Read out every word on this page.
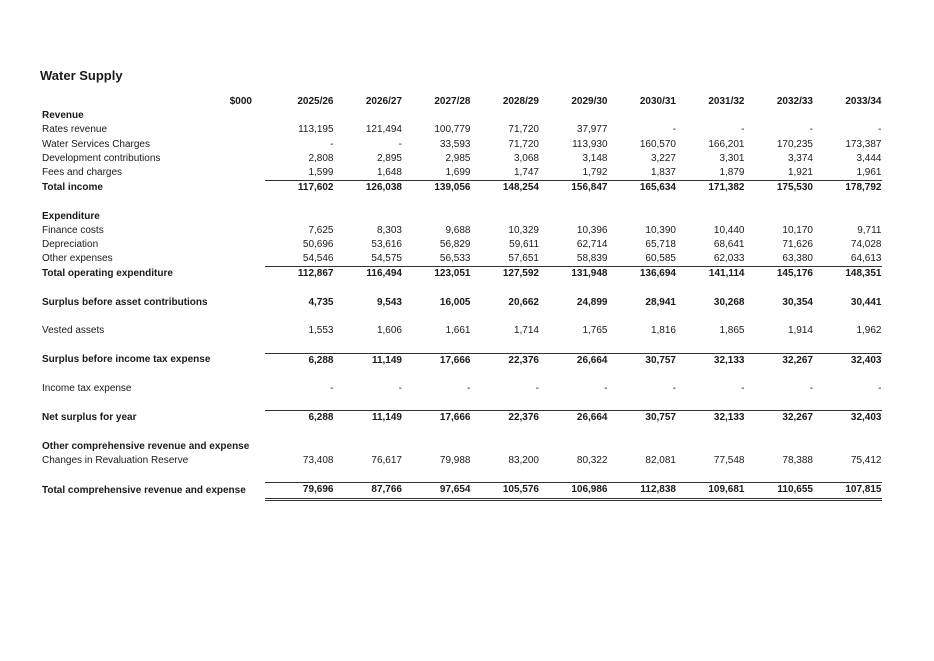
Water Supply
$000		2025/26	2026/27	2027/28	2028/29	2029/30	2030/31	2031/32	2032/33	2033/34
Revenue										
Rates revenue		113,195	121,494	100,779	71,720	37,977	-	-	-	-
Water Services Charges		-	-	33,593	71,720	113,930	160,570	166,201	170,235	173,387
Development contributions		2,808	2,895	2,985	3,068	3,148	3,227	3,301	3,374	3,444
Fees and charges		1,599	1,648	1,699	1,747	1,792	1,837	1,879	1,921	1,961
Total income		117,602	126,038	139,056	148,254	156,847	165,634	171,382	175,530	178,792

Expenditure										
Finance costs		7,625	8,303	9,688	10,329	10,396	10,390	10,440	10,170	9,711
Depreciation		50,696	53,616	56,829	59,611	62,714	65,718	68,641	71,626	74,028
Other expenses		54,546	54,575	56,533	57,651	58,839	60,585	62,033	63,380	64,613
Total operating expenditure		112,867	116,494	123,051	127,592	131,948	136,694	141,114	145,176	148,351

Surplus before asset contributions		4,735	9,543	16,005	20,662	24,899	28,941	30,268	30,354	30,441

Vested assets		1,553	1,606	1,661	1,714	1,765	1,816	1,865	1,914	1,962

Surplus before income tax expense		6,288	11,149	17,666	22,376	26,664	30,757	32,133	32,267	32,403

Income tax expense		-	-	-	-	-	-	-	-	-

Net surplus for year		6,288	11,149	17,666	22,376	26,664	30,757	32,133	32,267	32,403

Other comprehensive revenue and expense										
Changes in Revaluation Reserve		73,408	76,617	79,988	83,200	80,322	82,081	77,548	78,388	75,412

Total comprehensive revenue and expense		79,696	87,766	97,654	105,576	106,986	112,838	109,681	110,655	107,815
